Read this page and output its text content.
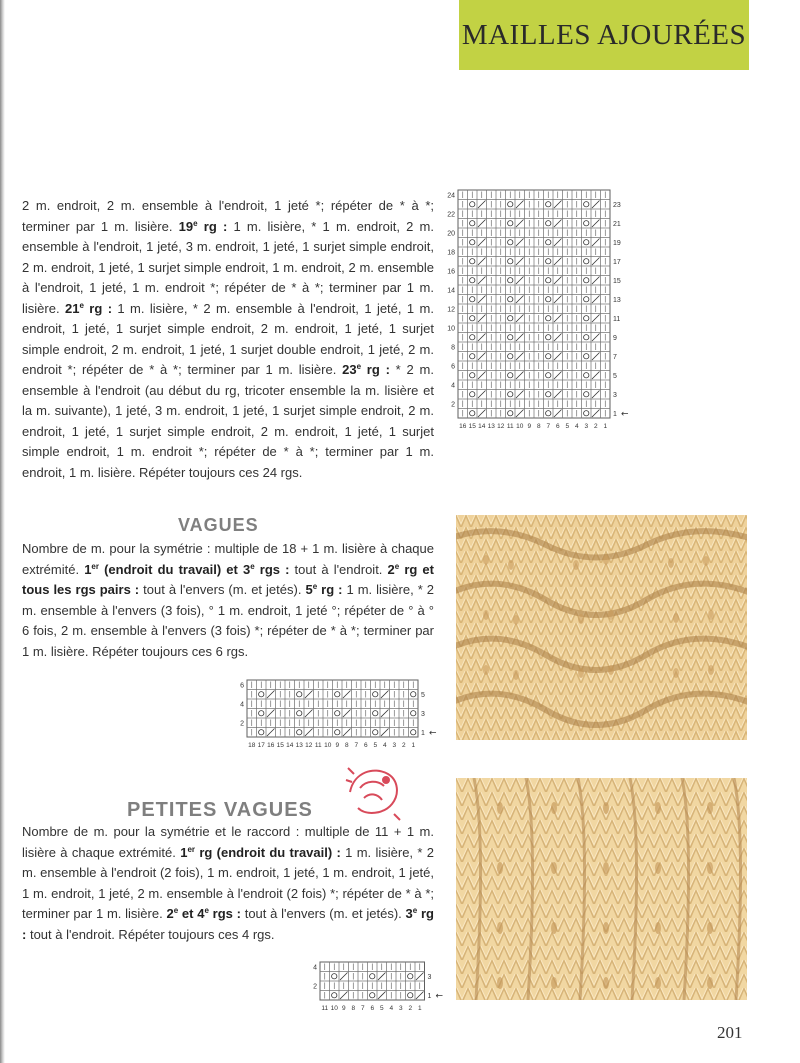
MAILLES AJOURÉES
24
22
20
18
16
14
12
10
8
6
4
2
23
21
19
17
15
13
11
9
7
5
3
1 ←
16 15 14 13 12 11 10 9 8 7 6 5 4 3 2 1

2 m. endroit, 2 m. ensemble à l'endroit, 1 jeté *; répéter de * à *; terminer par 1 m. lisière. 19e rg : 1 m. lisière, * 1 m. endroit, 2 m. ensemble à l'endroit, 1 jeté, 3 m. endroit, 1 jeté, 1 surjet simple endroit, 2 m. endroit, 1 jeté, 1 surjet simple endroit, 1 m. endroit, 2 m. ensemble à l'endroit, 1 jeté, 1 m. endroit *; répéter de * à *; terminer par 1 m. lisière. 21e rg : 1 m. lisière, * 2 m. ensemble à l'endroit, 1 jeté, 1 m. endroit, 1 jeté, 1 surjet simple endroit, 2 m. endroit, 1 jeté, 1 surjet simple endroit, 2 m. endroit, 1 jeté, 1 surjet double endroit, 1 jeté, 2 m. endroit *; répéter de * à *; terminer par 1 m. lisière. 23e rg : * 2 m. ensemble à l'endroit (au début du rg, tricoter ensemble la m. lisière et la m. suivante), 1 jeté, 3 m. endroit, 1 jeté, 1 surjet simple endroit, 2 m. endroit, 1 jeté, 1 surjet simple endroit, 2 m. endroit, 1 jeté, 1 surjet simple endroit, 1 m. endroit *; répéter de * à *; terminer par 1 m. endroit, 1 m. lisière. Répéter toujours ces 24 rgs.

VAGUES

Nombre de m. pour la symétrie : multiple de 18 + 1 m. lisière à chaque extrémité. 1er (endroit du travail) et 3e rgs : tout à l'endroit. 2e rg et tous les rgs pairs : tout à l'envers (m. et jetés). 5e rg : 1 m. lisière, * 2 m. ensemble à l'envers (3 fois), ° 1 m. endroit, 1 jeté °; répéter de ° à ° 6 fois, 2 m. ensemble à l'envers (3 fois) *; répéter de * à *; terminer par 1 m. lisière. Répéter toujours ces 6 rgs.

6
4
2
5
3
1 ←
18 17 16 15 14 13 12 11 10 9 8 7 6 5 4 3 2 1
PETITES VAGUES

Nombre de m. pour la symétrie et le raccord : multiple de 11 + 1 m. lisière à chaque extrémité. 1er rg (endroit du travail) : 1 m. lisière, * 2 m. ensemble à l'endroit (2 fois), 1 m. endroit, 1 jeté, 1 m. endroit, 1 jeté, 1 m. endroit, 1 jeté, 2 m. ensemble à l'endroit (2 fois) *; répéter de * à *; terminer par 1 m. lisière. 2e et 4e rgs : tout à l'envers (m. et jetés). 3e rg : tout à l'endroit. Répéter toujours ces 4 rgs.

4
2
3
1 ←
11 10 9 8 7 6 5 4 3 2 1

201
